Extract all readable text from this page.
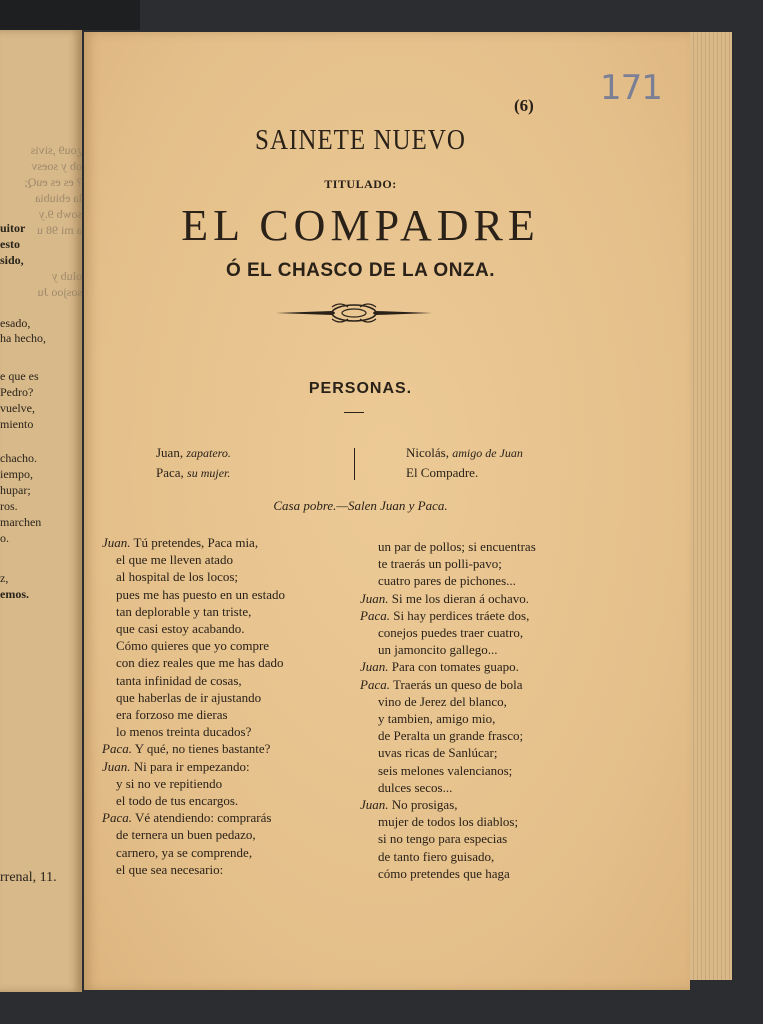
¿ou9 ,sivis
ob y soesv
? es es euQ;
la ebiubia
sowb 9.y
a mi 98 u
uitor
esto
sido,
olub y
sosjoo Ju
esado,
ha hecho,
e que es
Pedro?
vuelve,
miento
chacho.
iempo,
hupar;
ros.
marchen
o.
z,
emos.
rrenal, 11.
171
(6)
SAINETE NUEVO
TITULADO:
EL COMPADRE
Ó EL CHASCO DE LA ONZA.
PERSONAS.
Juan, zapatero.
Paca, su mujer.
Nicolás, amigo de Juan
El Compadre.
Casa pobre.—Salen Juan y Paca.
Juan. Tú pretendes, Paca mia,
el que me lleven atado
al hospital de los locos;
pues me has puesto en un estado
tan deplorable y tan triste,
que casi estoy acabando.
Cómo quieres que yo compre
con diez reales que me has dado
tanta infinidad de cosas,
que haberlas de ir ajustando
era forzoso me dieras
lo menos treinta ducados?
Paca. Y qué, no tienes bastante?
Juan. Ni para ir empezando:
y si no ve repitiendo
el todo de tus encargos.
Paca. Vé atendiendo: comprarás
de ternera un buen pedazo,
carnero, ya se comprende,
el que sea necesario:
un par de pollos; si encuentras
te traerás un polli-pavo;
cuatro pares de pichones...
Juan. Si me los dieran á ochavo.
Paca. Si hay perdices tráete dos,
conejos puedes traer cuatro,
un jamoncito gallego...
Juan. Para con tomates guapo.
Paca. Traerás un queso de bola
vino de Jerez del blanco,
y tambien, amigo mio,
de Peralta un grande frasco;
uvas ricas de Sanlúcar;
seis melones valencianos;
dulces secos...
Juan. No prosigas,
mujer de todos los diablos;
si no tengo para especias
de tanto fiero guisado,
cómo pretendes que haga
